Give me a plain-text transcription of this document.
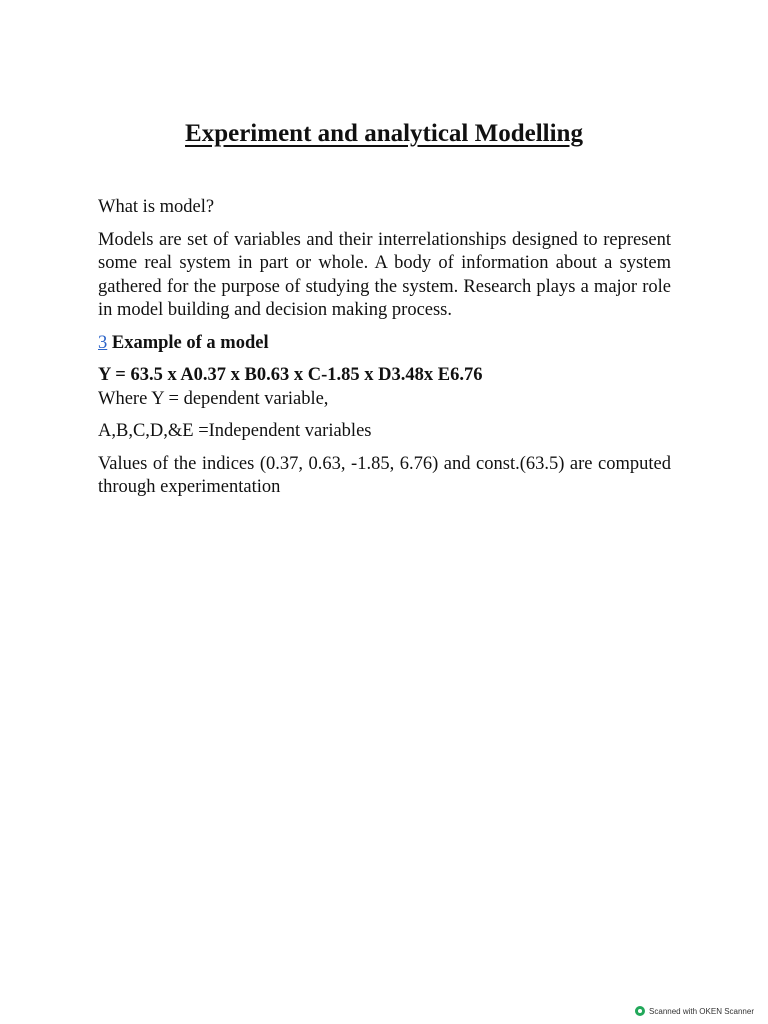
Experiment and analytical Modelling

What is model?

Models are set of variables and their interrelationships designed to represent some real system in part or whole. A body of information about a system gathered for the purpose of studying the system. Research plays a major role in model building and decision making process.

3 Example of a model

Y = 63.5 x A0.37 x B0.63 x C-1.85 x D3.48x E6.76

Where Y = dependent variable,

A,B,C,D,&E =Independent variables

Values of the indices (0.37, 0.63, -1.85, 6.76) and const.(63.5) are computed through experimentation

Scanned with OKEN Scanner
